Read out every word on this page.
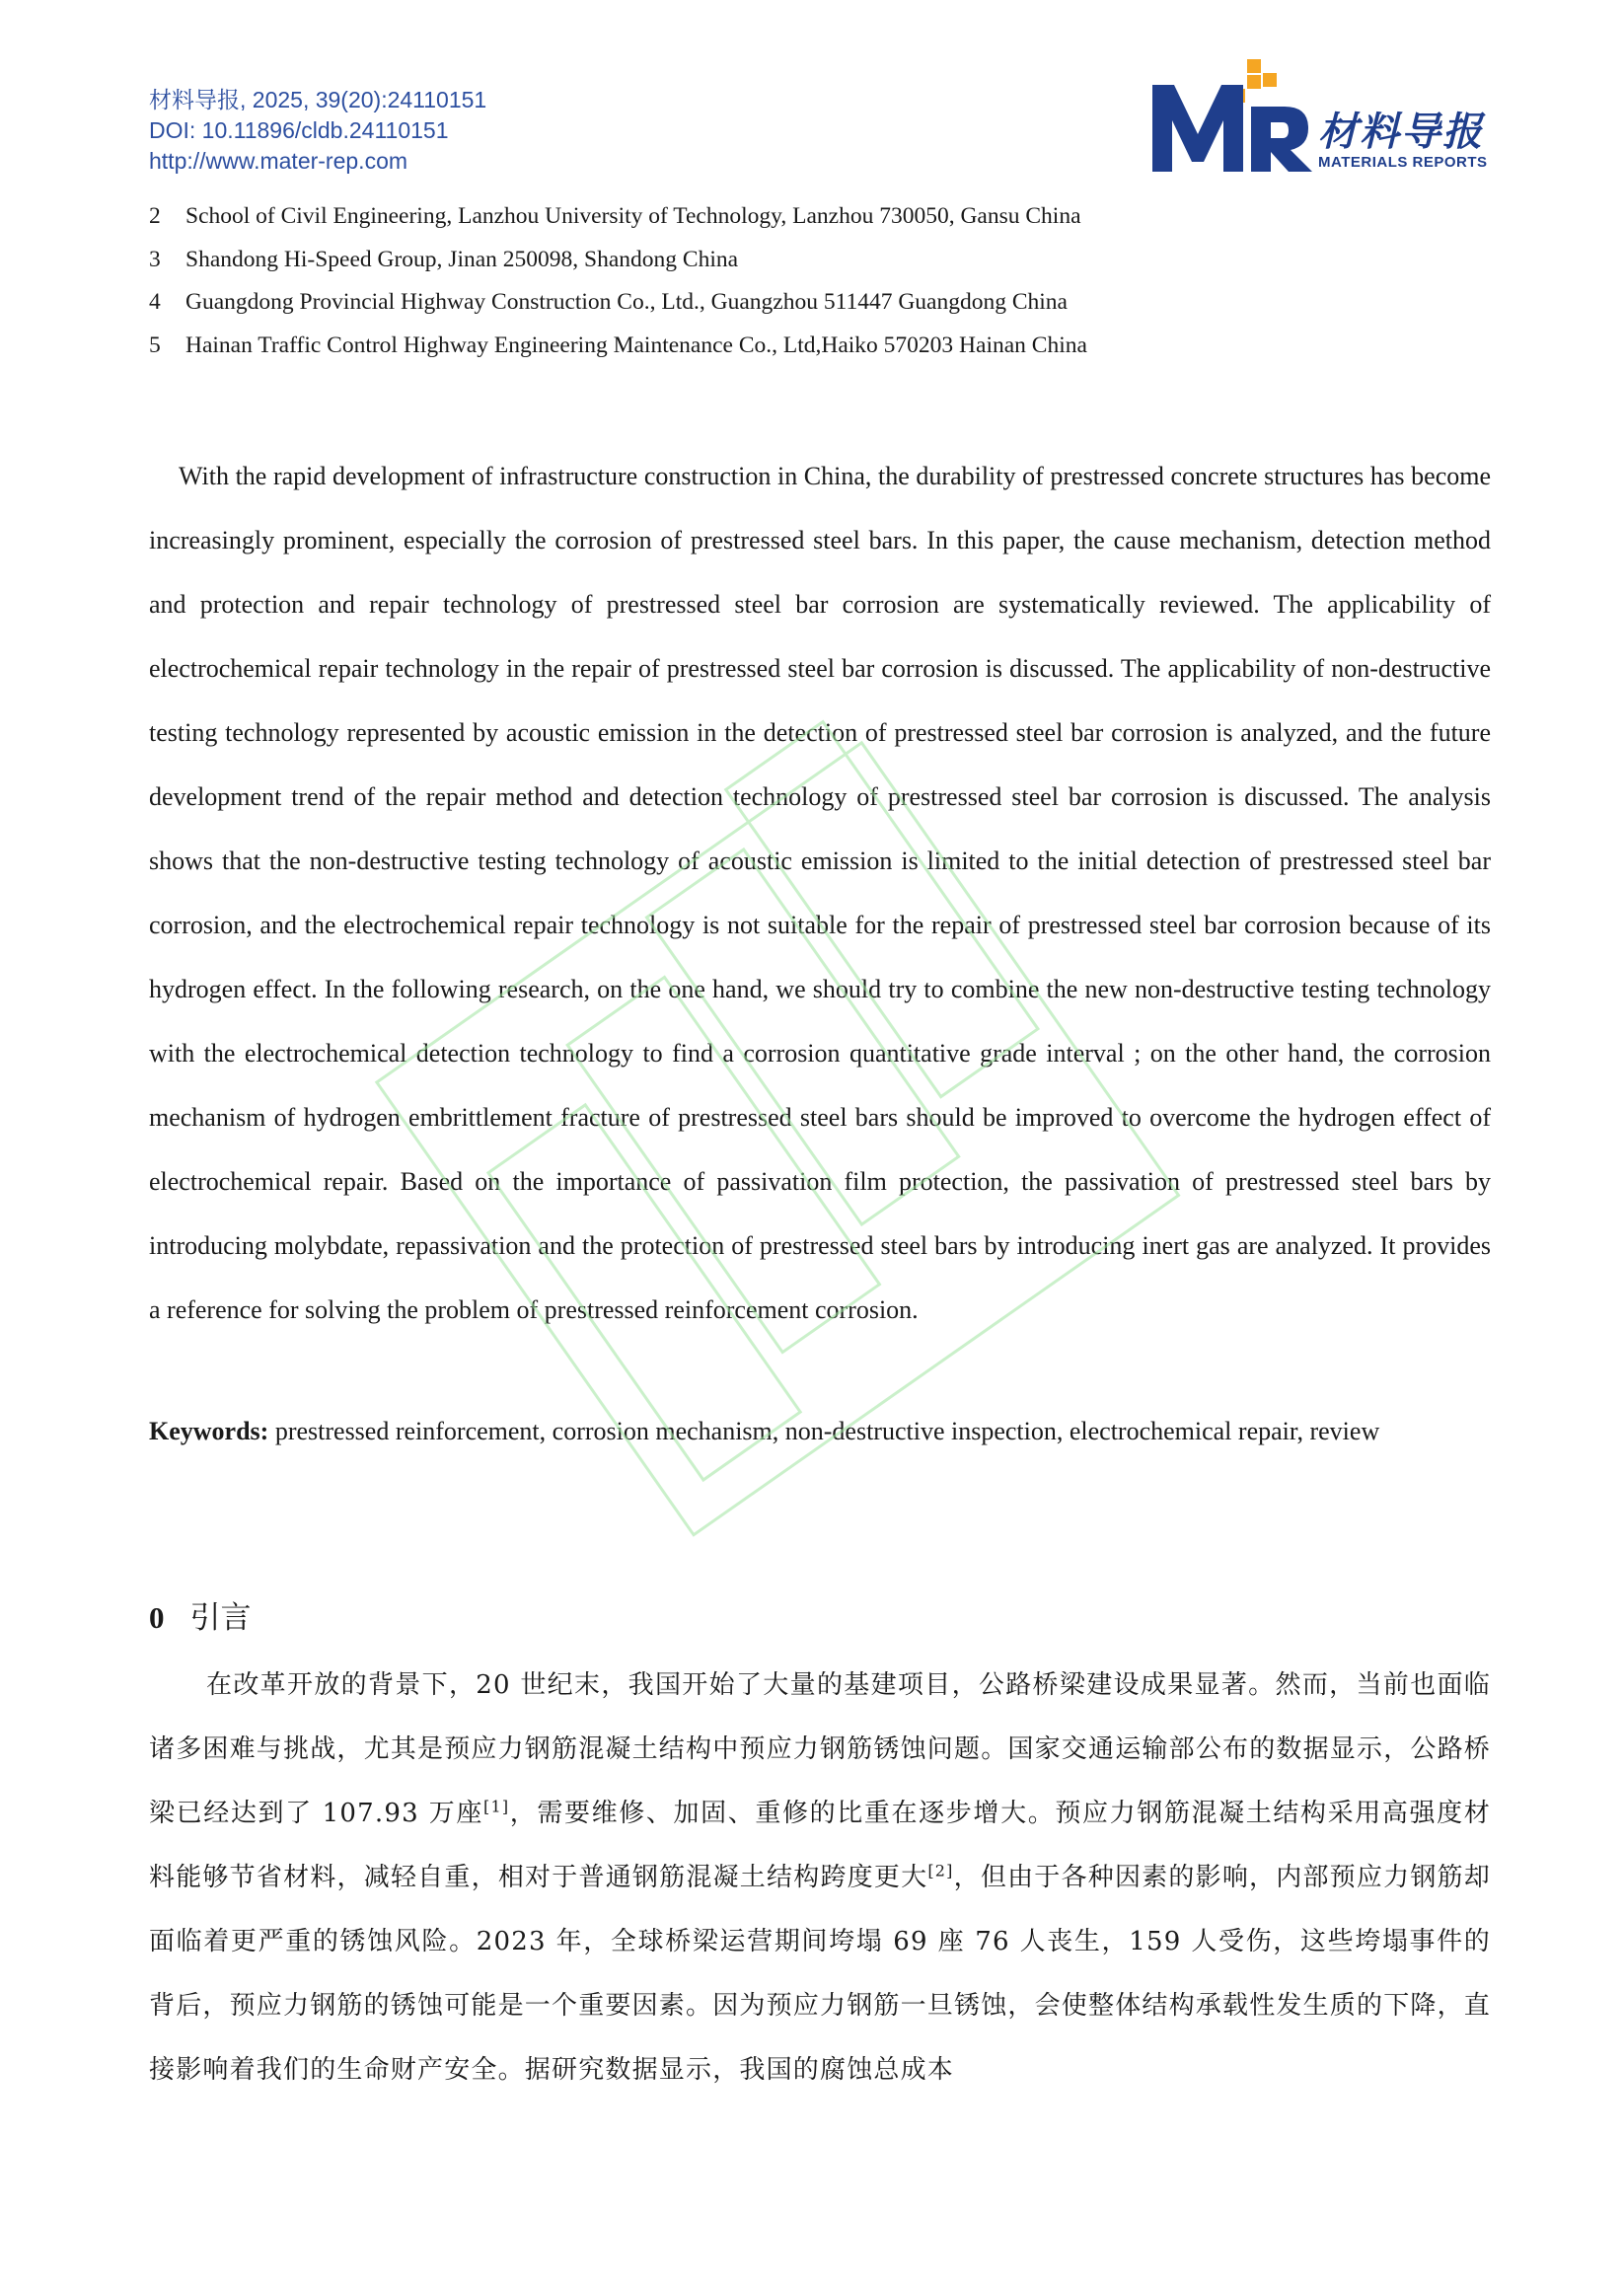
材料导报, 2025, 39(20):24110151
DOI: 10.11896/cldb.24110151
http://www.mater-rep.com
材料导报
MATERIALS REPORTS
2 School of Civil Engineering, Lanzhou University of Technology, Lanzhou 730050, Gansu China
3 Shandong Hi-Speed Group, Jinan 250098, Shandong China
4 Guangdong Provincial Highway Construction Co., Ltd., Guangzhou 511447 Guangdong China
5 Hainan Traffic Control Highway Engineering Maintenance Co., Ltd,Haiko 570203 Hainan China

With the rapid development of infrastructure construction in China, the durability of prestressed concrete structures has become increasingly prominent, especially the corrosion of prestressed steel bars. In this paper, the cause mechanism, detection method and protection and repair technology of prestressed steel bar corrosion are systematically reviewed. The applicability of electrochemical repair technology in the repair of prestressed steel bar corrosion is discussed. The applicability of non-destructive testing technology represented by acoustic emission in the detection of prestressed steel bar corrosion is analyzed, and the future development trend of the repair method and detection technology of prestressed steel bar corrosion is discussed. The analysis shows that the non-destructive testing technology of acoustic emission is limited to the initial detection of prestressed steel bar corrosion, and the electrochemical repair technology is not suitable for the repair of prestressed steel bar corrosion because of its hydrogen effect. In the following research, on the one hand, we should try to combine the new non-destructive testing technology with the electrochemical detection technology to find a corrosion quantitative grade interval ; on the other hand, the corrosion mechanism of hydrogen embrittlement fracture of prestressed steel bars should be improved to overcome the hydrogen effect of electrochemical repair. Based on the importance of passivation film protection, the passivation of prestressed steel bars by introducing molybdate, repassivation and the protection of prestressed steel bars by introducing inert gas are analyzed. It provides a reference for solving the problem of prestressed reinforcement corrosion.

Keywords: prestressed reinforcement, corrosion mechanism, non-destructive inspection, electrochemical repair, review

0 引言

在改革开放的背景下，20 世纪末，我国开始了大量的基建项目，公路桥梁建设成果显著。然而，当前也面临诸多困难与挑战，尤其是预应力钢筋混凝土结构中预应力钢筋锈蚀问题。国家交通运输部公布的数据显示，公路桥梁已经达到了 107.93 万座[1]，需要维修、加固、重修的比重在逐步增大。预应力钢筋混凝土结构采用高强度材料能够节省材料，减轻自重，相对于普通钢筋混凝土结构跨度更大[2]，但由于各种因素的影响，内部预应力钢筋却面临着更严重的锈蚀风险。2023 年，全球桥梁运营期间垮塌 69 座 76 人丧生，159 人受伤，这些垮塌事件的背后，预应力钢筋的锈蚀可能是一个重要因素。因为预应力钢筋一旦锈蚀，会使整体结构承载性发生质的下降，直接影响着我们的生命财产安全。据研究数据显示，我国的腐蚀总成本
